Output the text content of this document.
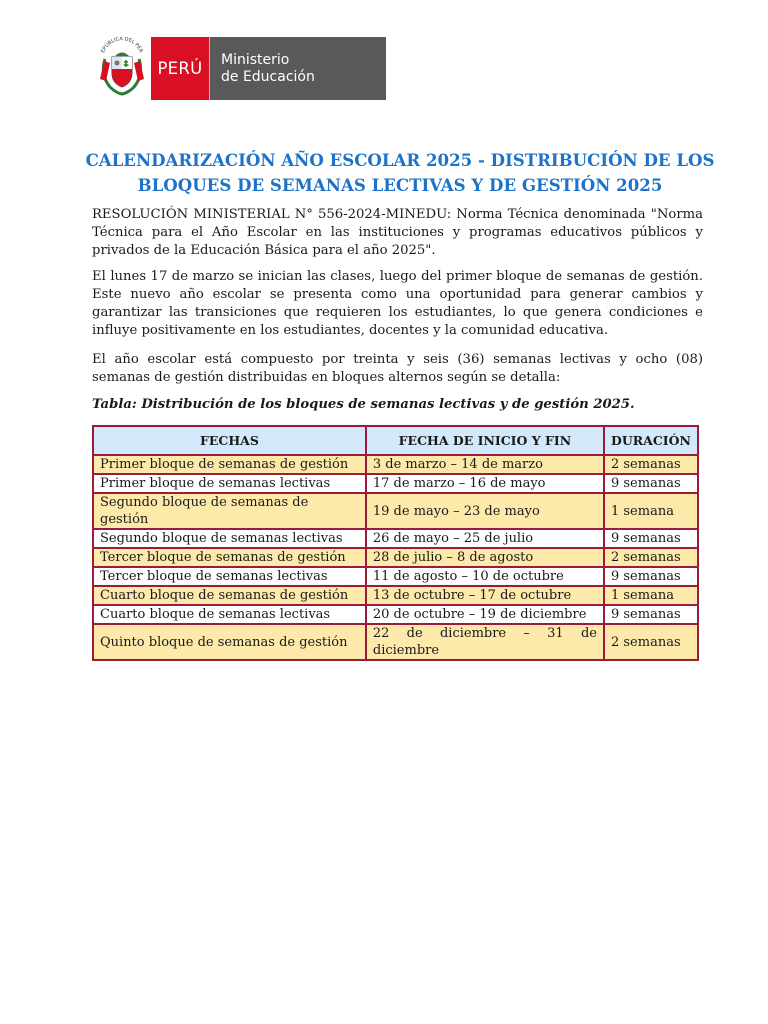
EPÚBLICA DEL PER
PERÚ Ministerio
de Educación
CALENDARIZACIÓN AÑO ESCOLAR 2025 - DISTRIBUCIÓN DE LOS BLOQUES DE SEMANAS LECTIVAS Y DE GESTIÓN 2025

RESOLUCIÓN MINISTERIAL N° 556-2024-MINEDU: Norma Técnica denominada "Norma Técnica para el Año Escolar en las instituciones y programas educativos públicos y privados de la Educación Básica para el año 2025".

El lunes 17 de marzo se inician las clases, luego del primer bloque de semanas de gestión. Este nuevo año escolar se presenta como una oportunidad para generar cambios y garantizar las transiciones que requieren los estudiantes, lo que genera condiciones e influye positivamente en los estudiantes, docentes y la comunidad educativa.

El año escolar está compuesto por treinta y seis (36) semanas lectivas y ocho (08) semanas de gestión distribuidas en bloques alternos según se detalla:

Tabla: Distribución de los bloques de semanas lectivas y de gestión 2025.

FECHAS	FECHA DE INICIO Y FIN	DURACIÓN
Primer bloque de semanas de gestión	3 de marzo – 14 de marzo	2 semanas
Primer bloque de semanas lectivas	17 de marzo – 16 de mayo	9 semanas
Segundo bloque de semanas de gestión	19 de mayo – 23 de mayo	1 semana
Segundo bloque de semanas lectivas	26 de mayo – 25 de julio	9 semanas
Tercer bloque de semanas de gestión	28 de julio – 8 de agosto	2 semanas
Tercer bloque de semanas lectivas	11 de agosto – 10 de octubre	9 semanas
Cuarto bloque de semanas de gestión	13 de octubre – 17 de octubre	1 semana
Cuarto bloque de semanas lectivas	20 de octubre – 19 de diciembre	9 semanas
Quinto bloque de semanas de gestión	22 de diciembre – 31 de diciembre	2 semanas
